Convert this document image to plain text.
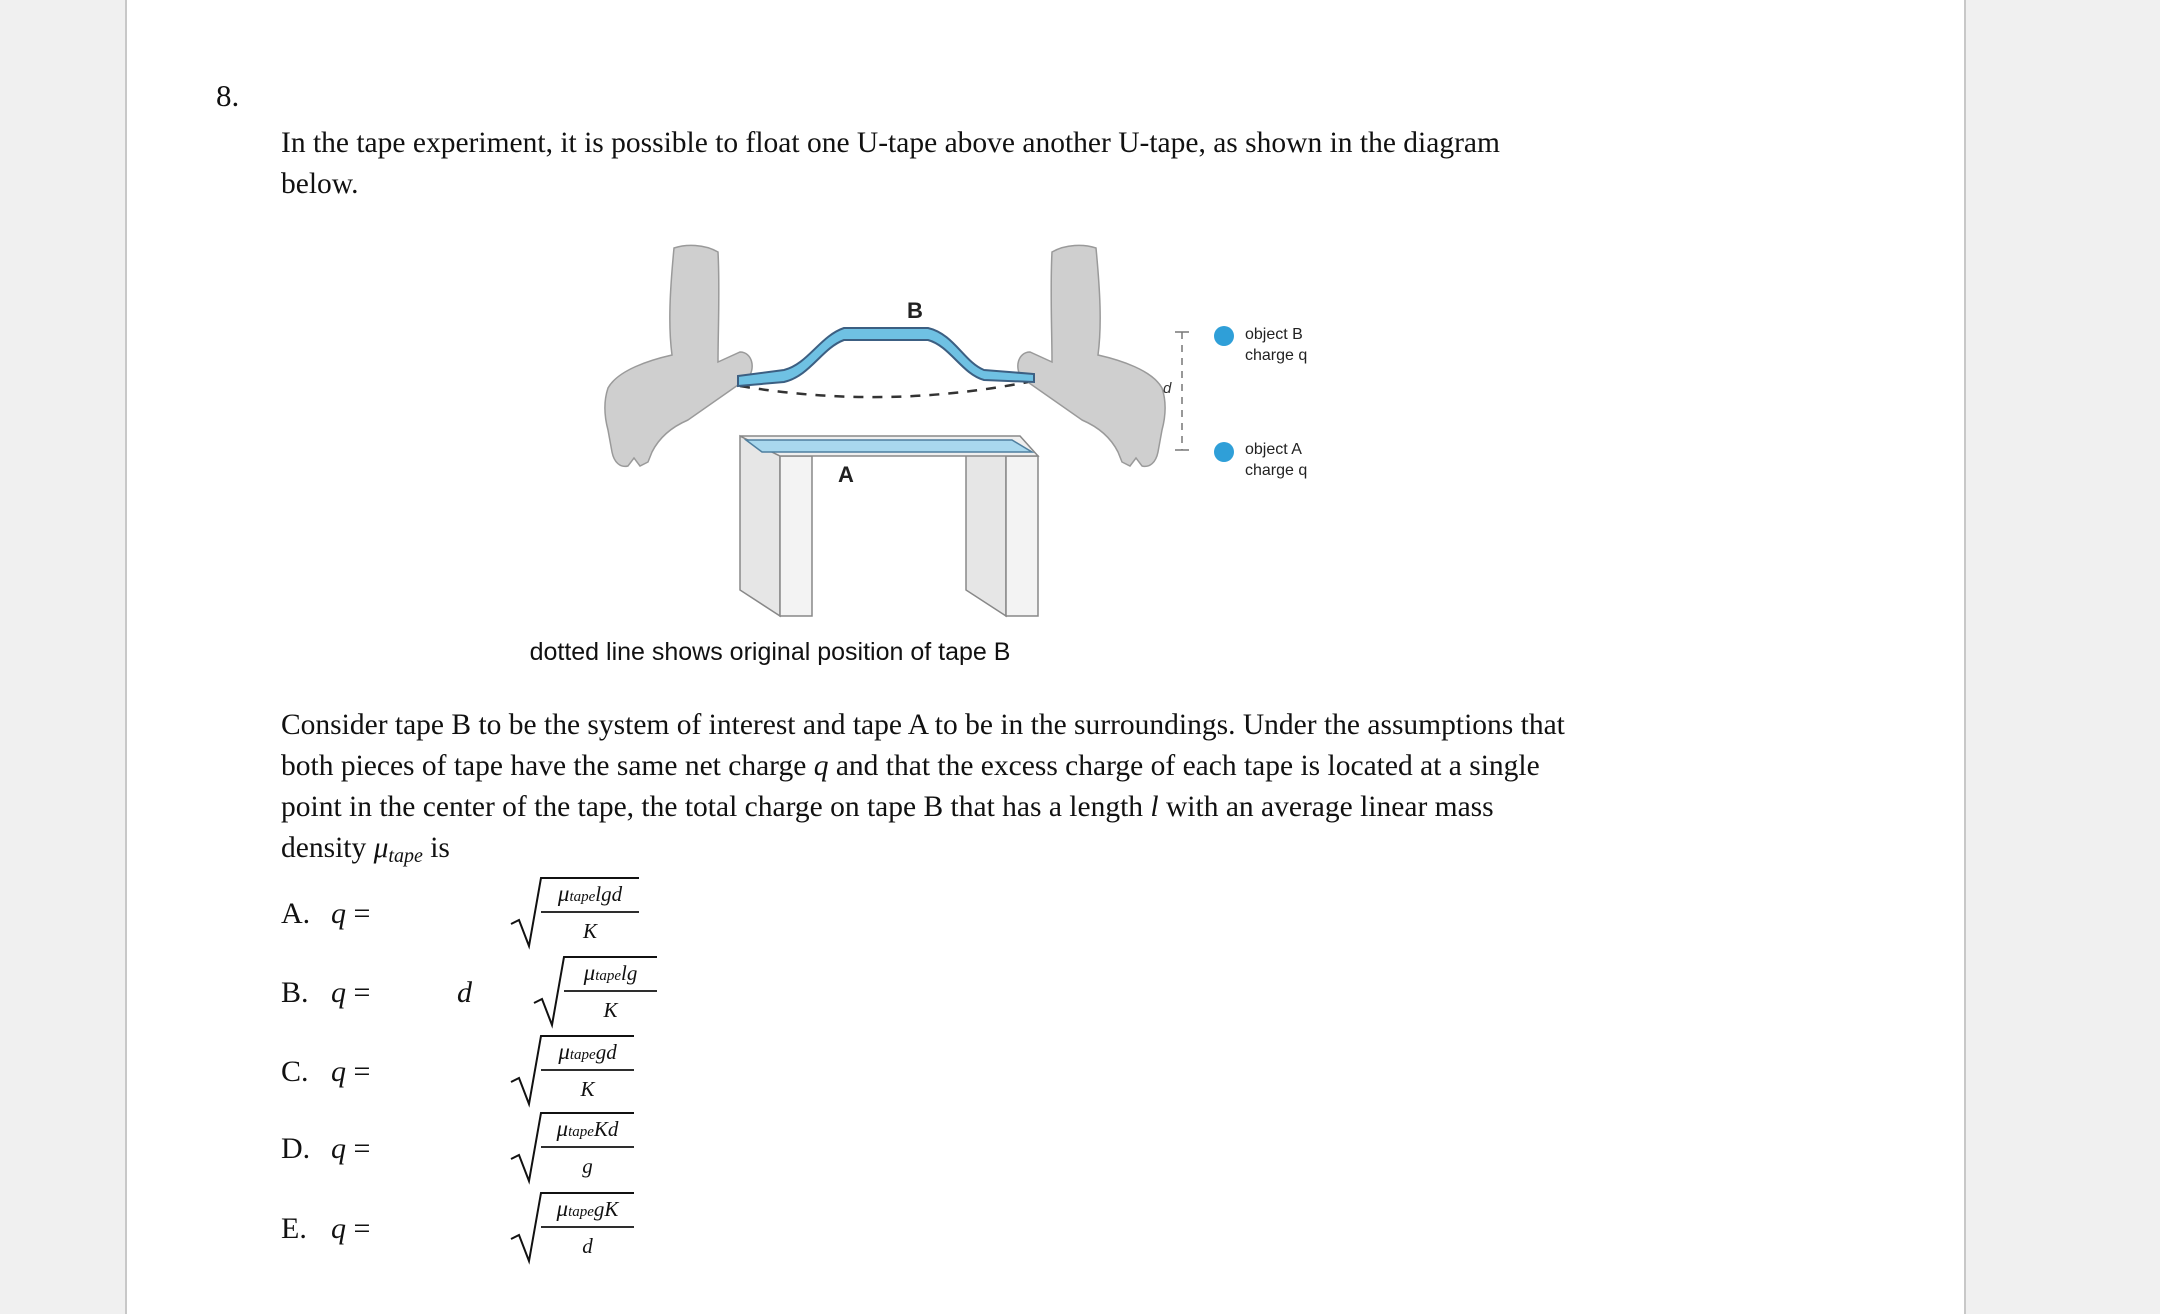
8.

In the tape experiment, it is possible to float one U-tape above another U-tape, as shown in the diagram below.

B
A
d
object B
charge q
object A
charge q
dotted line shows original position of tape B

Consider tape B to be the system of interest and tape A to be in the surroundings. Under the assumptions that both pieces of tape have the same net charge q and that the excess charge of each tape is located at a single point in the center of the tape, the total charge on tape B that has a length l with an average linear mass density μtape is

A. q =
μtapelgd
K
B. q =	d
μtapelg
K
C. q =
μtapegd
K
D. q =
μtapeKd
g
E. q =
μtapegK
d
